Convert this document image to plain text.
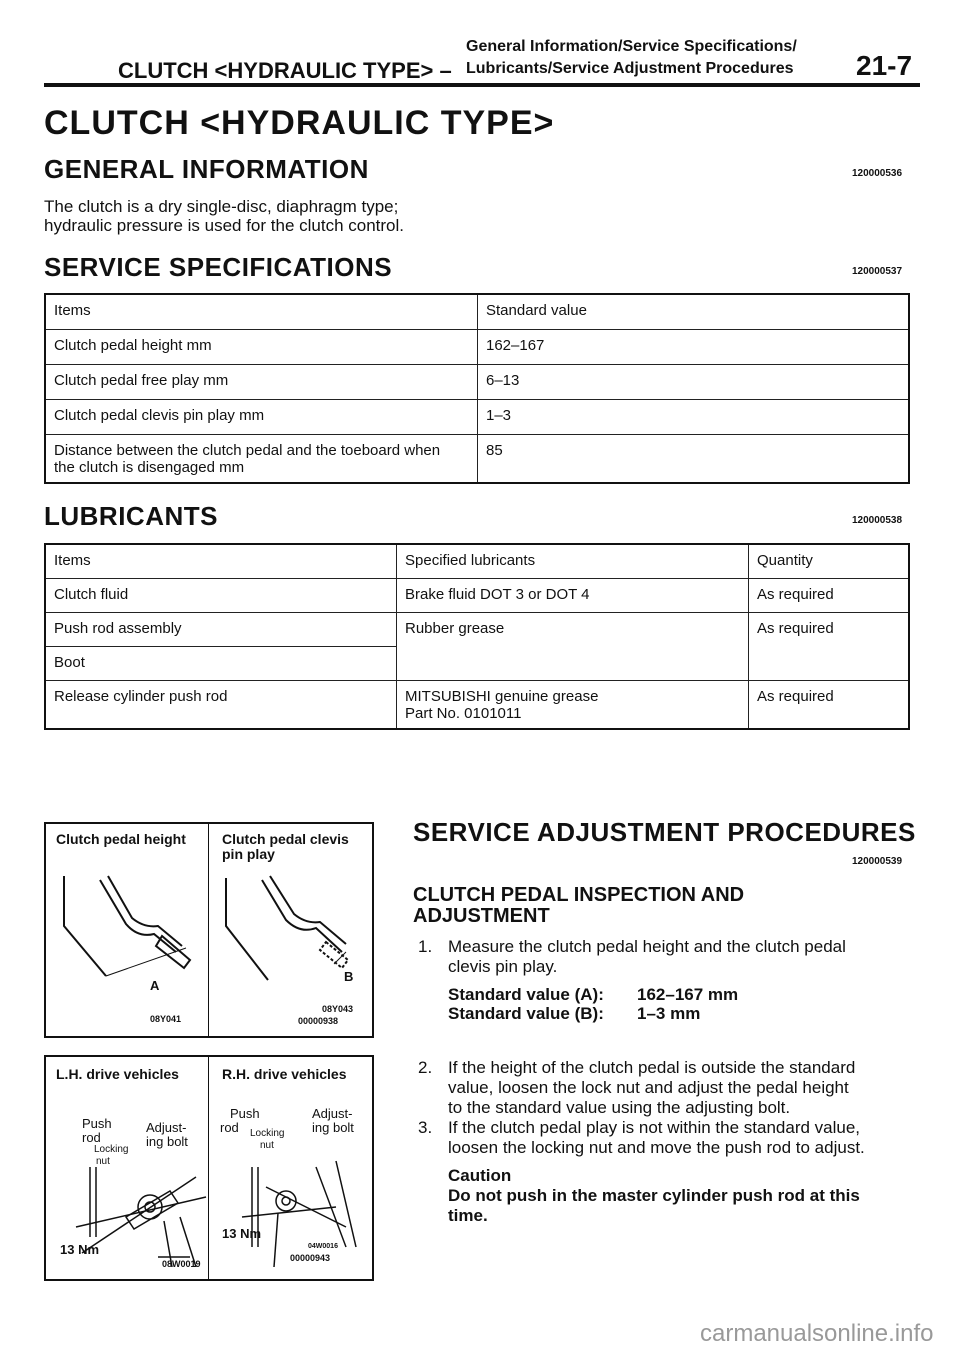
General Information/Service Specifications/
CLUTCH <HYDRAULIC TYPE> – Lubricants/Service Adjustment Procedures 21-7
CLUTCH <HYDRAULIC TYPE>
GENERAL INFORMATION	120000536
The clutch is a dry single-disc, diaphragm type;
hydraulic pressure is used for the clutch control.
SERVICE SPECIFICATIONS	120000537
Items	Standard value
Clutch pedal height mm	162–167
Clutch pedal free play mm	6–13
Clutch pedal clevis pin play mm	1–3

Distance between the clutch pedal and the toeboard when
the clutch is disengaged mm	85
LUBRICANTS	120000538
Items	Specified lubricants	Quantity
Clutch fluid	Brake fluid DOT 3 or DOT 4	As required
Push rod assembly	Rubber grease	As required
Boot		
Release cylinder push rod	MITSUBISHI genuine grease
Part No. 0101011	As required
Clutch pedal height	Clutch pedal clevis
pin play
A
B
08Y041
08Y043
00000938
L.H. drive vehicles	R.H. drive vehicles
Push
rod
Adjust-
ing bolt
Locking
nut
13 Nm
Push
rod
Adjust-
ing bolt
Locking
nut
13 Nm
08W0019
04W0016
00000943
SERVICE ADJUSTMENT PROCEDURES
120000539
CLUTCH PEDAL INSPECTION AND
ADJUSTMENT
1. Measure the clutch pedal height and the clutch pedal
clevis pin play.
Standard value (A): 162–167 mm
Standard value (B): 1–3 mm
2. If the height of the clutch pedal is outside the standard
value, loosen the lock nut and adjust the pedal height
to the standard value using the adjusting bolt.
3. If the clutch pedal play is not within the standard value,
loosen the locking nut and move the push rod to adjust.
Caution
Do not push in the master cylinder push rod at this
time.
carmanualsonline.info
